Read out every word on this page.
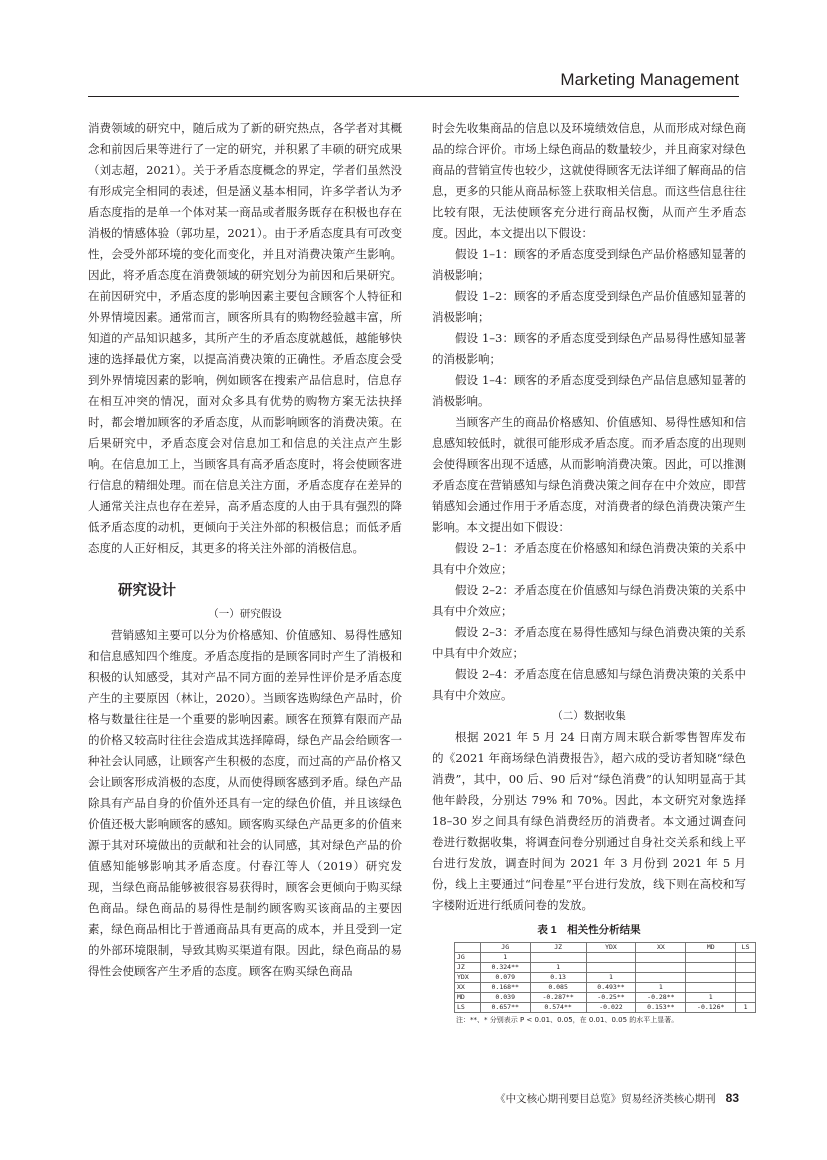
Marketing Management

消费领域的研究中，随后成为了新的研究热点，各学者对其概念和前因后果等进行了一定的研究，并积累了丰硕的研究成果（刘志超，2021）。关于矛盾态度概念的界定，学者们虽然没有形成完全相同的表述，但是涵义基本相同，许多学者认为矛盾态度指的是单一个体对某一商品或者服务既存在积极也存在消极的情感体验（郭功星，2021）。由于矛盾态度具有可改变性，会受外部环境的变化而变化，并且对消费决策产生影响。因此，将矛盾态度在消费领域的研究划分为前因和后果研究。在前因研究中，矛盾态度的影响因素主要包含顾客个人特征和外界情境因素。通常而言，顾客所具有的购物经验越丰富，所知道的产品知识越多，其所产生的矛盾态度就越低，越能够快速的选择最优方案，以提高消费决策的正确性。矛盾态度会受到外界情境因素的影响，例如顾客在搜索产品信息时，信息存在相互冲突的情况，面对众多具有优势的购物方案无法抉择时，都会增加顾客的矛盾态度，从而影响顾客的消费决策。在后果研究中，矛盾态度会对信息加工和信息的关注点产生影响。在信息加工上，当顾客具有高矛盾态度时，将会使顾客进行信息的精细处理。而在信息关注方面，矛盾态度存在差异的人通常关注点也存在差异，高矛盾态度的人由于具有强烈的降低矛盾态度的动机，更倾向于关注外部的积极信息；而低矛盾态度的人正好相反，其更多的将关注外部的消极信息。

研究设计

（一）研究假设

营销感知主要可以分为价格感知、价值感知、易得性感知和信息感知四个维度。矛盾态度指的是顾客同时产生了消极和积极的认知感受，其对产品不同方面的差异性评价是矛盾态度产生的主要原因（林让，2020）。当顾客选购绿色产品时，价格与数量往往是一个重要的影响因素。顾客在预算有限而产品的价格又较高时往往会造成其选择障碍，绿色产品会给顾客一种社会认同感，让顾客产生积极的态度，而过高的产品价格又会让顾客形成消极的态度，从而使得顾客感到矛盾。绿色产品除具有产品自身的价值外还具有一定的绿色价值，并且该绿色价值还极大影响顾客的感知。顾客购买绿色产品更多的价值来源于其对环境做出的贡献和社会的认同感，其对绿色产品的价值感知能够影响其矛盾态度。付春江等人（2019）研究发现，当绿色商品能够被很容易获得时，顾客会更倾向于购买绿色商品。绿色商品的易得性是制约顾客购买该商品的主要因素，绿色商品相比于普通商品具有更高的成本，并且受到一定的外部环境限制，导致其购买渠道有限。因此，绿色商品的易得性会使顾客产生矛盾的态度。顾客在购买绿色商品

时会先收集商品的信息以及环境绩效信息，从而形成对绿色商品的综合评价。市场上绿色商品的数量较少，并且商家对绿色商品的营销宣传也较少，这就使得顾客无法详细了解商品的信息，更多的只能从商品标签上获取相关信息。而这些信息往往比较有限，无法使顾客充分进行商品权衡，从而产生矛盾态度。因此，本文提出以下假设：

假设 1–1：顾客的矛盾态度受到绿色产品价格感知显著的消极影响；

假设 1–2：顾客的矛盾态度受到绿色产品价值感知显著的消极影响；

假设 1–3：顾客的矛盾态度受到绿色产品易得性感知显著的消极影响；

假设 1–4：顾客的矛盾态度受到绿色产品信息感知显著的消极影响。

当顾客产生的商品价格感知、价值感知、易得性感知和信息感知较低时，就很可能形成矛盾态度。而矛盾态度的出现则会使得顾客出现不适感，从而影响消费决策。因此，可以推测矛盾态度在营销感知与绿色消费决策之间存在中介效应，即营销感知会通过作用于矛盾态度，对消费者的绿色消费决策产生影响。本文提出如下假设：

假设 2–1：矛盾态度在价格感知和绿色消费决策的关系中具有中介效应；

假设 2–2：矛盾态度在价值感知与绿色消费决策的关系中具有中介效应；

假设 2–3：矛盾态度在易得性感知与绿色消费决策的关系中具有中介效应；

假设 2–4：矛盾态度在信息感知与绿色消费决策的关系中具有中介效应。

（二）数据收集

根据 2021 年 5 月 24 日南方周末联合新零售智库发布的《2021 年商场绿色消费报告》，超六成的受访者知晓“绿色消费”，其中，00 后、90 后对“绿色消费”的认知明显高于其他年龄段，分别达 79% 和 70%。因此，本文研究对象选择 18–30 岁之间具有绿色消费经历的消费者。本文通过调查问卷进行数据收集，将调查问卷分别通过自身社交关系和线上平台进行发放，调查时间为 2021 年 3 月份到 2021 年 5 月份，线上主要通过“问卷星”平台进行发放，线下则在高校和写字楼附近进行纸质问卷的发放。

表 1　相关性分析结果
	JG	JZ	YDX	XX	MD	LS
JG	1					
JZ	0.324**	1				
YDX	0.079	0.13	1			
XX	0.168**	0.085	0.493**	1		
MD	0.039	-0.287**	-0.25**	-0.28**	1	
LS	0.657**	0.574**	-0.022	0.153**	-0.126*	1
注：**、* 分别表示 P < 0.01、0.05，在 0.01、0.05 的水平上显著。
《中文核心期刊要目总览》贸易经济类核心期刊 83
